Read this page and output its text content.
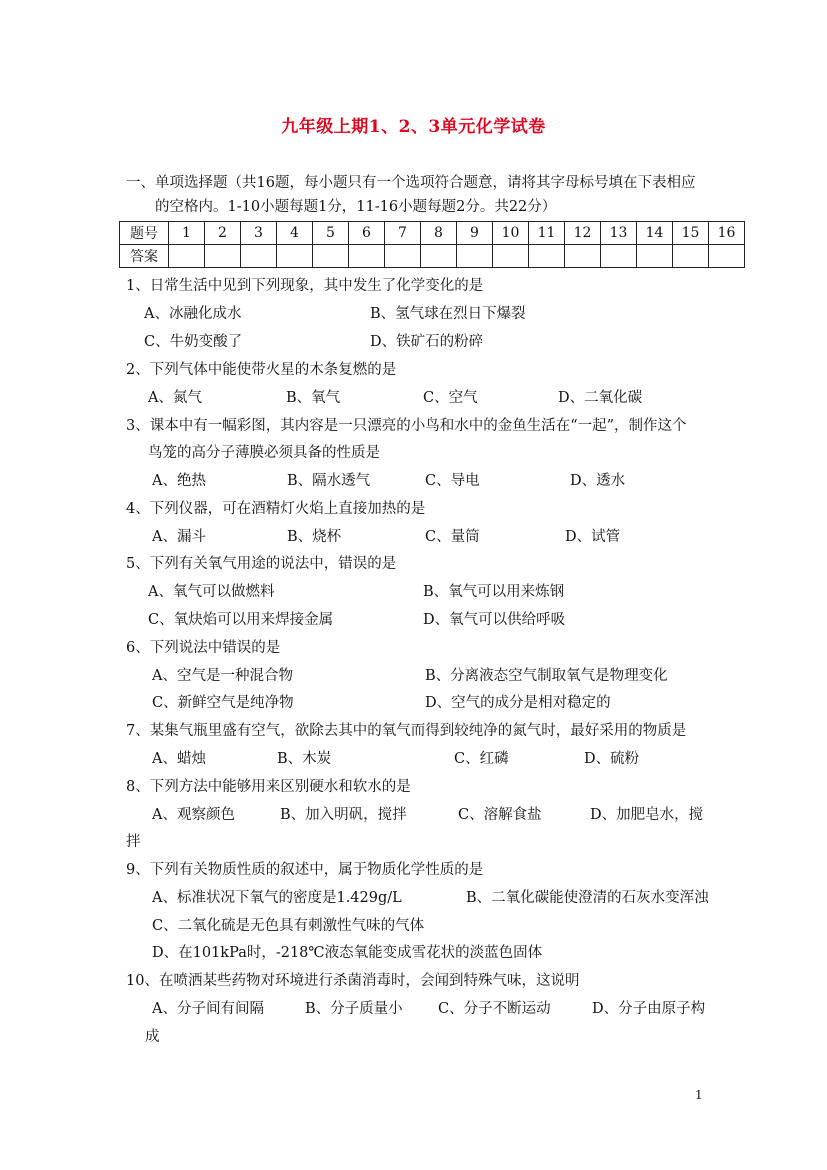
九年级上期1、2、3单元化学试卷
一、单项选择题（共16题，每小题只有一个选项符合题意，请将其字母标号填在下表相应
的空格内。1-10小题每题1分，11-16小题每题2分。共22分）
题号	1	2	3	4	5	6	7	8	9	10	11	12	13	14	15	16
答案																
1、日常生活中见到下列现象，其中发生了化学变化的是
A、冰融化成水	B、氢气球在烈日下爆裂
C、牛奶变酸了	D、铁矿石的粉碎
2、下列气体中能使带火星的木条复燃的是
A、氮气	B、氧气	C、空气	D、二氧化碳
3、课本中有一幅彩图，其内容是一只漂亮的小鸟和水中的金鱼生活在“一起”，制作这个
鸟笼的高分子薄膜必须具备的性质是
A、绝热	B、隔水透气	C、导电	D、透水
4、下列仪器，可在酒精灯火焰上直接加热的是
A、漏斗	B、烧杯	C、量筒	D、试管
5、下列有关氧气用途的说法中，错误的是
A、氧气可以做燃料	B、氧气可以用来炼钢
C、氧炔焰可以用来焊接金属	D、氧气可以供给呼吸
6、下列说法中错误的是
A、空气是一种混合物	B、分离液态空气制取氧气是物理变化
C、新鲜空气是纯净物	D、空气的成分是相对稳定的
7、某集气瓶里盛有空气，欲除去其中的氧气而得到较纯净的氮气时，最好采用的物质是
A、蜡烛	B、木炭	C、红磷	D、硫粉
8、下列方法中能够用来区别硬水和软水的是
A、观察颜色	B、加入明矾，搅拌	C、溶解食盐	D、加肥皂水，搅
拌
9、下列有关物质性质的叙述中，属于物质化学性质的是
A、标准状况下氧气的密度是1.429g/L	B、二氧化碳能使澄清的石灰水变浑浊
C、二氧化硫是无色具有刺激性气味的气体
D、在101kPa时，-218℃液态氧能变成雪花状的淡蓝色固体
10、在喷洒某些药物对环境进行杀菌消毒时，会闻到特殊气味，这说明
A、分子间有间隔	B、分子质量小 C、分子不断运动	D、分子由原子构
成
1
